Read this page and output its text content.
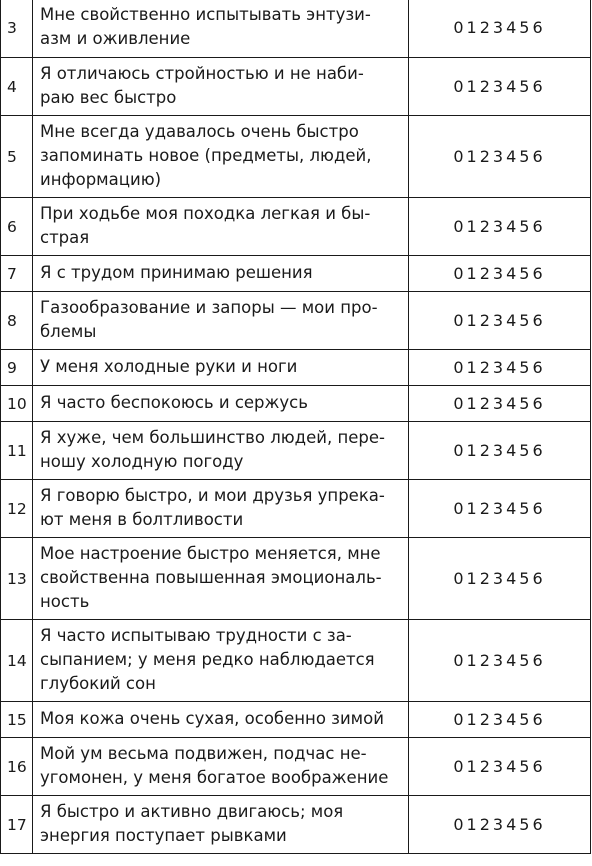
3	Мне свойственно испытывать энтузи-
азм и оживление	0123456
4	Я отличаюсь стройностью и не наби-
раю вес быстро	0123456
5	Мне всегда удавалось очень быстро
запоминать новое (предметы, людей,
информацию)	0123456
6	При ходьбе моя походка легкая и бы-
страя	0123456
7	Я с трудом принимаю решения	0123456
8	Газообразование и запоры — мои про-
блемы	0123456
9	У меня холодные руки и ноги	0123456
10	Я часто беспокоюсь и сержусь	0123456
11	Я хуже, чем большинство людей, пере-
ношу холодную погоду	0123456
12	Я говорю быстро, и мои друзья упрека-
ют меня в болтливости	0123456
13	Мое настроение быстро меняется, мне
свойственна повышенная эмоциональ-
ность	0123456
14	Я часто испытываю трудности с за-
сыпанием; у меня редко наблюдается
глубокий сон	0123456
15	Моя кожа очень сухая, особенно зимой	0123456
16	Мой ум весьма подвижен, подчас не-
угомонен, у меня богатое воображение	0123456
17	Я быстро и активно двигаюсь; моя
энергия поступает рывками	0123456
